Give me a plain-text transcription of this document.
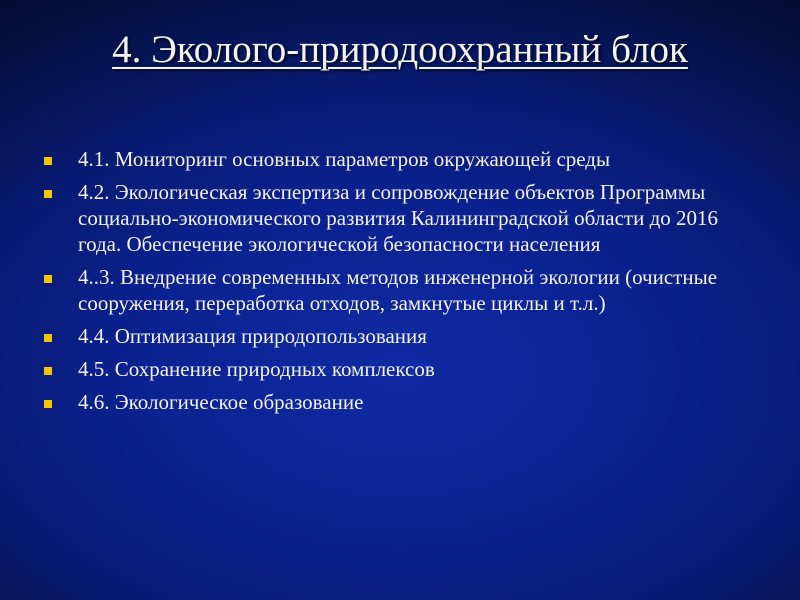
4. Эколого-природоохранный блок
4.1. Мониторинг основных параметров окружающей среды
4.2. Экологическая экспертиза и сопровождение объектов Программы социально-экономического развития Калининградской области до 2016 года. Обеспечение экологической безопасности населения
4..3. Внедрение современных методов инженерной экологии (очистные сооружения, переработка отходов, замкнутые циклы и т.л.)
4.4. Оптимизация природопользования
4.5. Сохранение природных комплексов
4.6. Экологическое образование
